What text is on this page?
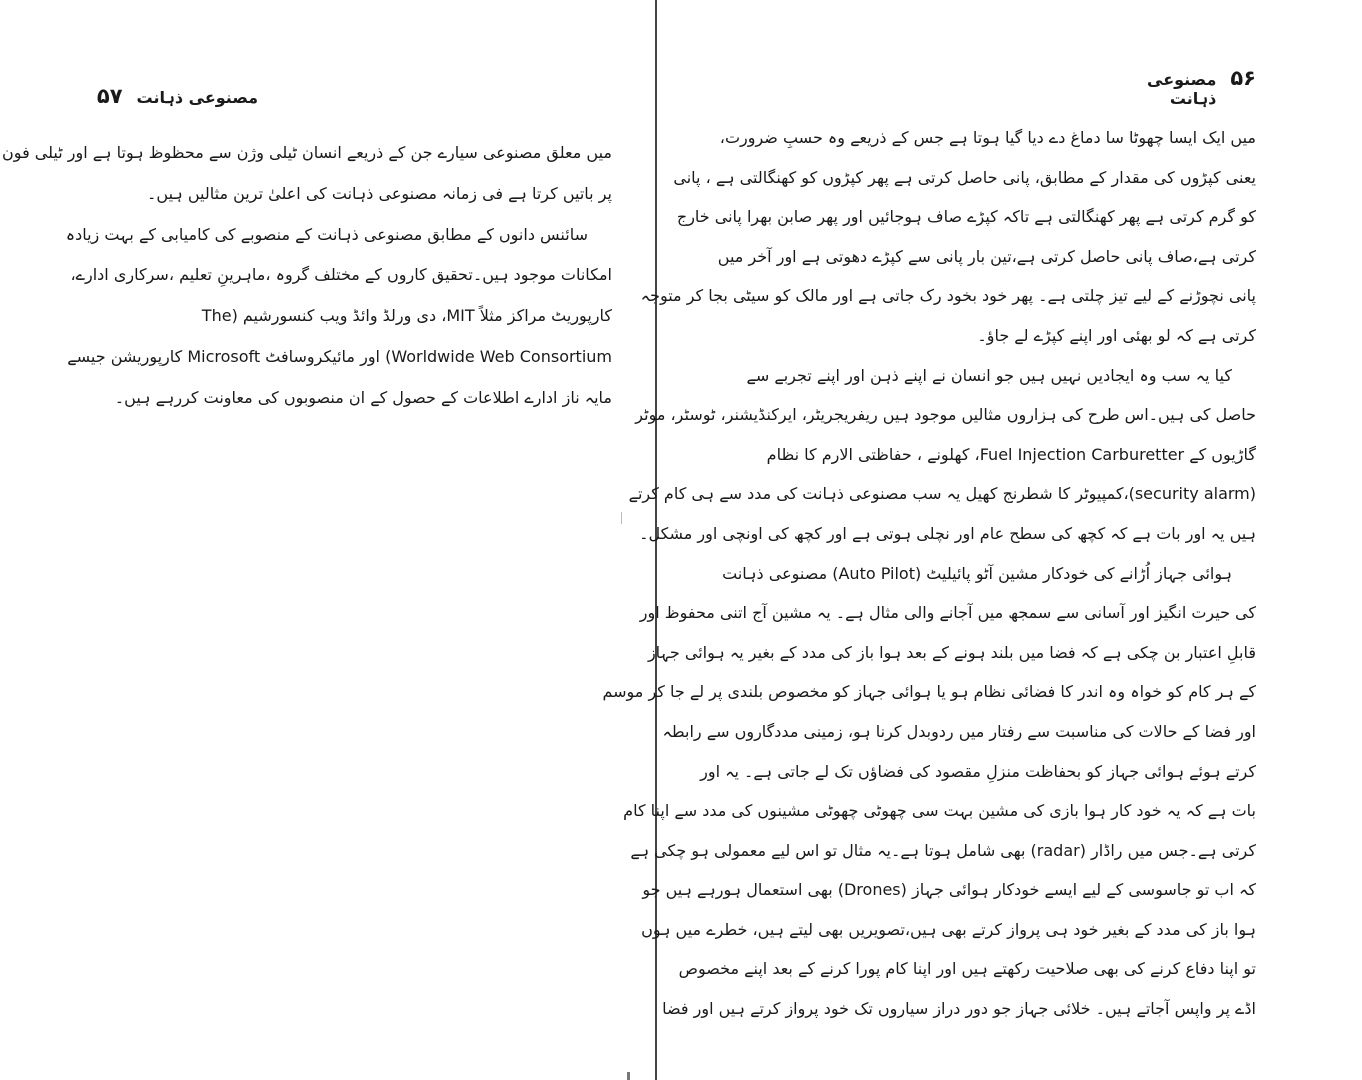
مصنوعی ذہانت
۵۷
میں معلق مصنوعی سیارے جن کے ذریعے انسان ٹیلی وژن سے محظوظ ہوتا ہے اور ٹیلی فون
پر باتیں کرتا ہے فی زمانہ مصنوعی ذہانت کی اعلیٰ ترین مثالیں ہیں۔
سائنس دانوں کے مطابق مصنوعی ذہانت کے منصوبے کی کامیابی کے بہت زیادہ
امکانات موجود ہیں۔تحقیق کاروں کے مختلف گروہ ،ماہرینِ تعلیم ،سرکاری ادارے،
کارپوریٹ مراکز مثلاً MIT، دی ورلڈ وائڈ ویب کنسورشیم (The
Worldwide Web Consortium) اور مائیکروسافٹ Microsoft کارپوریشن جیسے
مایہ ناز ادارے اطلاعات کے حصول کے ان منصوبوں کی معاونت کررہے ہیں۔
۵۶
مصنوعی ذہانت
میں ایک ایسا چھوٹا سا دماغ دے دیا گیا ہوتا ہے جس کے ذریعے وہ حسبِ ضرورت،
یعنی کپڑوں کی مقدار کے مطابق، پانی حاصل کرتی ہے پھر کپڑوں کو کھنگالتی ہے ، پانی
کو گرم کرتی ہے پھر کھنگالتی ہے تاکہ کپڑے صاف ہوجائیں اور پھر صابن بھرا پانی خارج
کرتی ہے،صاف پانی حاصل کرتی ہے،تین بار پانی سے کپڑے دھوتی ہے اور آخر میں
پانی نچوڑنے کے لیے تیز چلتی ہے۔ پھر خود بخود رک جاتی ہے اور مالک کو سیٹی بجا کر متوجہ
کرتی ہے کہ لو بھئی اور اپنے کپڑے لے جاؤ۔
کیا یہ سب وہ ایجادیں نہیں ہیں جو انسان نے اپنے ذہن اور اپنے تجربے سے
حاصل کی ہیں۔اس طرح کی ہزاروں مثالیں موجود ہیں ریفریجریٹر، ایرکنڈیشنر، ٹوسٹر، موٹر
گاڑیوں کے Fuel Injection Carburetter، کھلونے ، حفاظتی الارم کا نظام
(security alarm)،کمپیوٹر کا شطرنج کھیل یہ سب مصنوعی ذہانت کی مدد سے ہی کام کرتے
ہیں یہ اور بات ہے کہ کچھ کی سطح عام اور نچلی ہوتی ہے اور کچھ کی اونچی اور مشکل۔
ہوائی جہاز اُڑانے کی خودکار مشین آٹو پائیلیٹ (Auto Pilot) مصنوعی ذہانت
کی حیرت انگیز اور آسانی سے سمجھ میں آجانے والی مثال ہے۔ یہ مشین آج اتنی محفوظ اور
قابلِ اعتبار بن چکی ہے کہ فضا میں بلند ہونے کے بعد ہوا باز کی مدد کے بغیر یہ ہوائی جہاز
کے ہر کام کو خواہ وہ اندر کا فضائی نظام ہو یا ہوائی جہاز کو مخصوص بلندی پر لے جا کر موسم
اور فضا کے حالات کی مناسبت سے رفتار میں ردوبدل کرنا ہو، زمینی مددگاروں سے رابطہ
کرتے ہوئے ہوائی جہاز کو بحفاظت منزلِ مقصود کی فضاؤں تک لے جاتی ہے۔ یہ اور
بات ہے کہ یہ خود کار ہوا بازی کی مشین بہت سی چھوٹی چھوٹی مشینوں کی مدد سے اپنا کام
کرتی ہے۔جس میں راڈار (radar) بھی شامل ہوتا ہے۔یہ مثال تو اس لیے معمولی ہو چکی ہے
کہ اب تو جاسوسی کے لیے ایسے خودکار ہوائی جہاز (Drones) بھی استعمال ہورہے ہیں جو
ہوا باز کی مدد کے بغیر خود ہی پرواز کرتے بھی ہیں،تصویریں بھی لیتے ہیں، خطرے میں ہوں
تو اپنا دفاع کرنے کی بھی صلاحیت رکھتے ہیں اور اپنا کام پورا کرنے کے بعد اپنے مخصوص
اڈے پر واپس آجاتے ہیں۔ خلائی جہاز جو دور دراز سیاروں تک خود پرواز کرتے ہیں اور فضا
